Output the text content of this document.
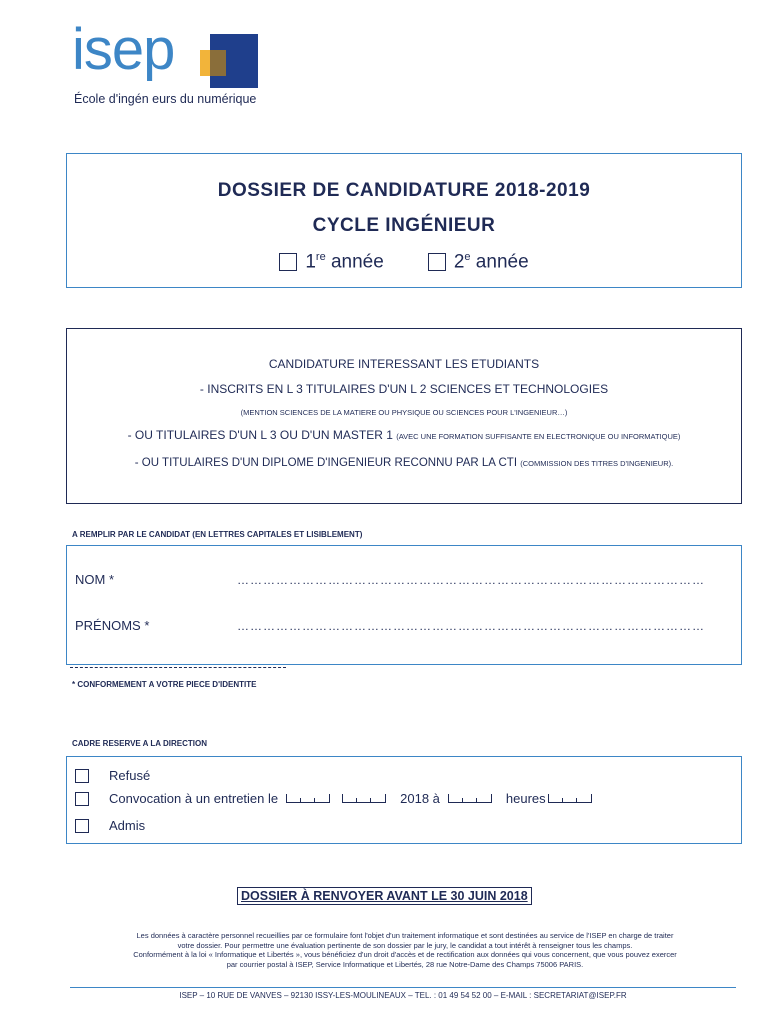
isep
École d'ingén eurs du numérique
DOSSIER DE CANDIDATURE 2018-2019
CYCLE INGÉNIEUR
1re année	2e année
CANDIDATURE INTERESSANT LES ETUDIANTS
- INSCRITS EN L 3 TITULAIRES D'UN L 2 SCIENCES ET TECHNOLOGIES
(MENTION SCIENCES DE LA MATIERE OU PHYSIQUE OU SCIENCES POUR L'INGENIEUR…)
- OU TITULAIRES D'UN L 3 OU D'UN MASTER 1 (AVEC UNE FORMATION SUFFISANTE EN ELECTRONIQUE OU INFORMATIQUE)
- OU TITULAIRES D'UN DIPLOME D'INGENIEUR RECONNU PAR LA CTI (COMMISSION DES TITRES D'INGENIEUR).
A REMPLIR PAR LE CANDIDAT (EN LETTRES CAPITALES ET LISIBLEMENT)
NOM *	………………………………………………………………………………………………
PRÉNOMS *	………………………………………………………………………………………………
* CONFORMEMENT A VOTRE PIECE D'IDENTITE
CADRE RESERVE A LA DIRECTION
Refusé
Convocation à un entretien le	2018 à	heures
Admis
DOSSIER À RENVOYER AVANT LE 30 JUIN 2018
Les données à caractère personnel recueillies par ce formulaire font l'objet d'un traitement informatique et sont destinées au service de l'ISEP en charge de traiter
votre dossier. Pour permettre une évaluation pertinente de son dossier par le jury, le candidat a tout intérêt à renseigner tous les champs.
Conformément à la loi « Informatique et Libertés », vous bénéficiez d'un droit d'accès et de rectification aux données qui vous concernent, que vous pouvez exercer
par courrier postal à ISEP, Service Informatique et Libertés, 28 rue Notre-Dame des Champs 75006 PARIS.
ISEP – 10 RUE DE VANVES – 92130 ISSY-LES-MOULINEAUX – TEL. : 01 49 54 52 00 – E-MAIL : SECRETARIAT@ISEP.FR
